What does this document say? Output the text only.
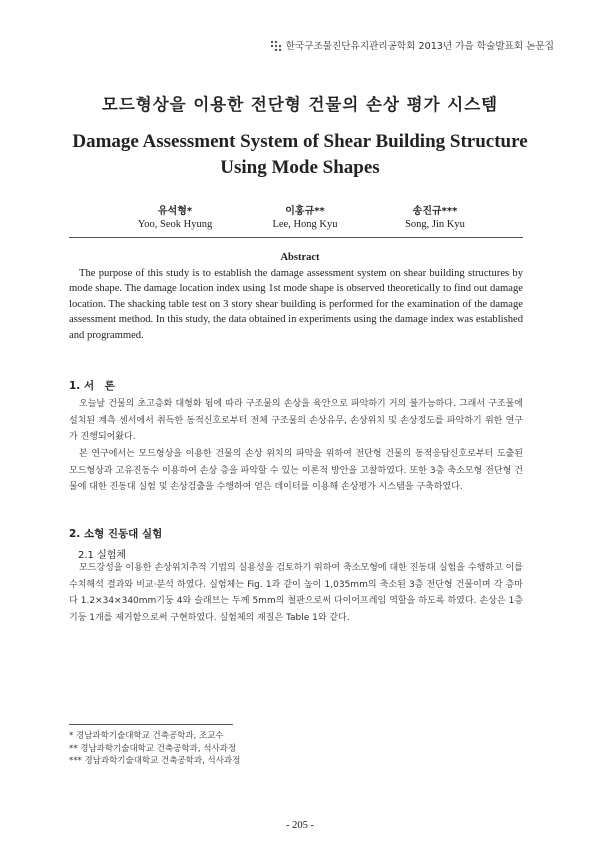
한국구조물진단유지관리공학회 2013년 가을 학술발표회 논문집
모드형상을 이용한 전단형 건물의 손상 평가 시스템
Damage Assessment System of Shear Building Structure
Using Mode Shapes
유석형*
Yoo, Seok Hyung
이홍규**
Lee, Hong Kyu
송진규***
Song, Jin Kyu
Abstract
The purpose of this study is to establish the damage assessment system on shear building structures by mode shape. The damage location index using 1st mode shape is observed theoretically to find out damage location. The shacking table test on 3 story shear building is performed for the examination of the damage assessment method. In this study, the data obtained in experiments using the damage index was established and programmed.
1. 서　론
오늘날 건물의 초고층화 대형화 됨에 따라 구조물의 손상을 육안으로 파악하기 거의 불가능하다. 그래서 구조물에 설치된 계측 센서에서 취득한 동적신호로부터 전체 구조물의 손상유무, 손상위치 및 손상정도를 파악하기 위한 연구가 진행되어왔다.
본 연구에서는 모드형상을 이용한 건물의 손상 위치의 파악을 위하여 전단형 건물의 동적응답신호로부터 도출된 모드형상과 고유진동수 이용하여 손상 층을 파악할 수 있는 이론적 방안을 고찰하였다. 또한 3층 축소모형 전단형 건물에 대한 진동대 실험 및 손상검출을 수행하여 얻은 데이터를 이용해 손상평가 시스템을 구축하였다.
2. 소형 진동대 실험
2.1 실험체
모드강성을 이용한 손상위치추적 기법의 실용성을 검토하기 위하여 축소모형에 대한 진동대 실험을 수행하고 이를 수치해석 결과와 비교·분석 하였다. 실험체는 Fig. 1과 같이 높이 1,035mm의 축소된 3층 전단형 건물이며 각 층마다 1.2×34×340mm기둥 4와 슬래브는 두께 5mm의 철판으로써 다이어프레임 역할을 하도록 하였다. 손상은 1층 기둥 1개를 제거함으로써 구현하였다. 실험체의 재질은 Table 1와 같다.
* 경남과학기술대학교 건축공학과, 조교수
** 경남과학기술대학교 건축공학과, 석사과정
*** 경남과학기술대학교 건축공학과, 석사과정
- 205 -
